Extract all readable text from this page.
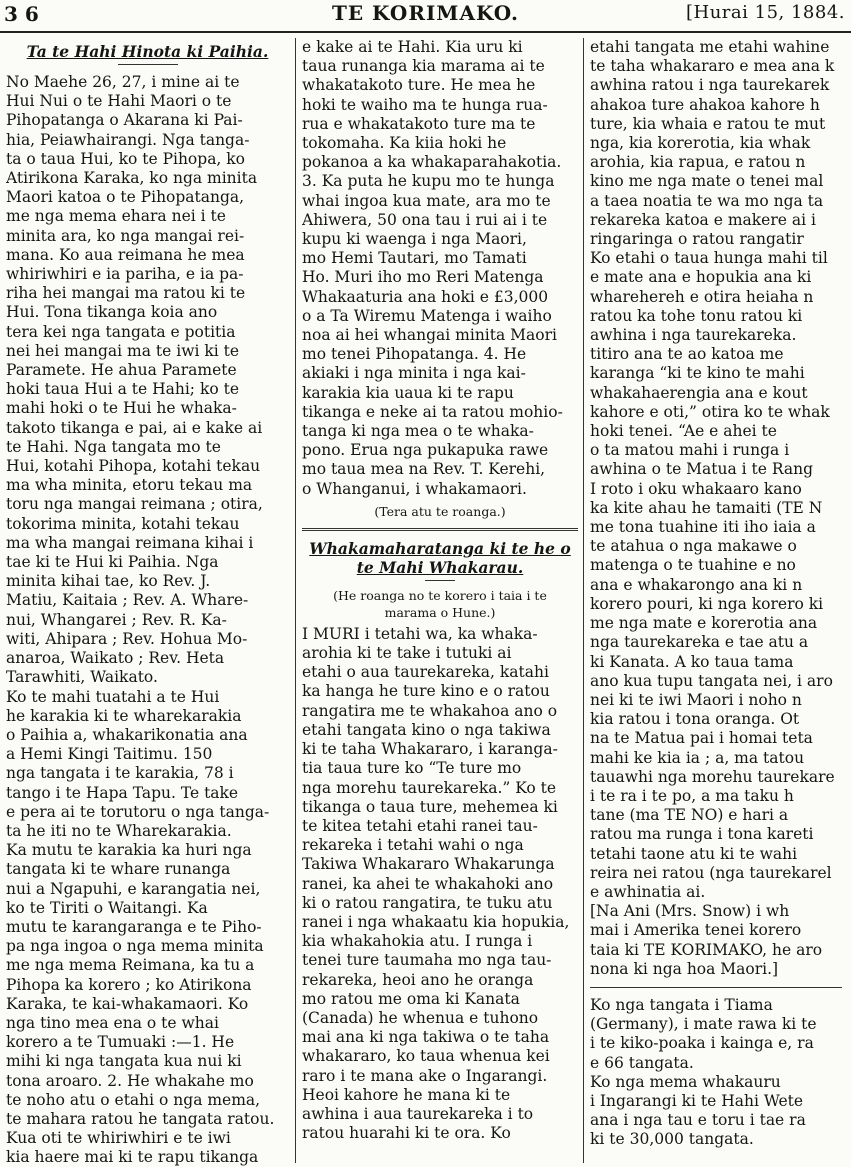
3 6	TE KORIMAKO.	[Hurai 15, 1884.
Ta te Hahi Hinota ki Paihia.

No Maehe 26, 27, i mine ai te

Hui Nui o te Hahi Maori o te

Pihopatanga o Akarana ki Pai-

hia, Peiawhairangi. Nga tanga-

ta o taua Hui, ko te Pihopa, ko

Atirikona Karaka, ko nga minita

Maori katoa o te Pihopatanga,

me nga mema ehara nei i te

minita ara, ko nga mangai rei-

mana. Ko aua reimana he mea

whiriwhiri e ia pariha, e ia pa-

riha hei mangai ma ratou ki te

Hui. Tona tikanga koia ano

tera kei nga tangata e potitia

nei hei mangai ma te iwi ki te

Paramete. He ahua Paramete

hoki taua Hui a te Hahi; ko te

mahi hoki o te Hui he whaka-

takoto tikanga e pai, ai e kake ai

te Hahi. Nga tangata mo te

Hui, kotahi Pihopa, kotahi tekau

ma wha minita, etoru tekau ma

toru nga mangai reimana ; otira,

tokorima minita, kotahi tekau

ma wha mangai reimana kihai i

tae ki te Hui ki Paihia. Nga

minita kihai tae, ko Rev. J.

Matiu, Kaitaia ; Rev. A. Whare-

nui, Whangarei ; Rev. R. Ka-

witi, Ahipara ; Rev. Hohua Mo-

anaroa, Waikato ; Rev. Heta

Tarawhiti, Waikato.

Ko te mahi tuatahi a te Hui

he karakia ki te wharekarakia

o Paihia a, whakarikonatia ana

a Hemi Kingi Taitimu. 150

nga tangata i te karakia, 78 i

tango i te Hapa Tapu. Te take

e pera ai te torutoru o nga tanga-

ta he iti no te Wharekarakia.

Ka mutu te karakia ka huri nga

tangata ki te whare runanga

nui a Ngapuhi, e karangatia nei,

ko te Tiriti o Waitangi. Ka

mutu te karangaranga e te Piho-

pa nga ingoa o nga mema minita

me nga mema Reimana, ka tu a

Pihopa ka korero ; ko Atirikona

Karaka, te kai-whakamaori. Ko

nga tino mea ena o te whai

korero a te Tumuaki :—1. He

mihi ki nga tangata kua nui ki

tona aroaro. 2. He whakahe mo

te noho atu o etahi o nga mema,

te mahara ratou he tangata ratou.

Kua oti te whiriwhiri e te iwi

kia haere mai ki te rapu tikanga

e kake ai te Hahi. Kia uru ki

taua runanga kia marama ai te

whakatakoto ture. He mea he

hoki te waiho ma te hunga rua-

rua e whakatakoto ture ma te

tokomaha. Ka kiia hoki he

pokanoa a ka whakaparahakotia.

3. Ka puta he kupu mo te hunga

whai ingoa kua mate, ara mo te

Ahiwera, 50 ona tau i rui ai i te

kupu ki waenga i nga Maori,

mo Hemi Tautari, mo Tamati

Ho. Muri iho mo Reri Matenga

Whakaaturia ana hoki e £3,000

o a Ta Wiremu Matenga i waiho

noa ai hei whangai minita Maori

mo tenei Pihopatanga. 4. He

akiaki i nga minita i nga kai-

karakia kia uaua ki te rapu

tikanga e neke ai ta ratou mohio-

tanga ki nga mea o te whaka-

pono. Erua nga pukapuka rawe

mo taua mea na Rev. T. Kerehi,

o Whanganui, i whakamaori.

(Tera atu te roanga.)
Whakamaharatanga ki te he o te Mahi Whakarau.
(He roanga no te korero i taia i te
marama o Hune.)

I MURI i tetahi wa, ka whaka-

arohia ki te take i tutuki ai

etahi o aua taurekareka, katahi

ka hanga he ture kino e o ratou

rangatira me te whakahoa ano o

etahi tangata kino o nga takiwa

ki te taha Whakararo, i karanga-

tia taua ture ko “Te ture mo

nga morehu taurekareka.” Ko te

tikanga o taua ture, mehemea ki

te kitea tetahi etahi ranei tau-

rekareka i tetahi wahi o nga

Takiwa Whakararo Whakarunga

ranei, ka ahei te whakahoki ano

ki o ratou rangatira, te tuku atu

ranei i nga whakaatu kia hopukia,

kia whakahokia atu. I runga i

tenei ture taumaha mo nga tau-

rekareka, heoi ano he oranga

mo ratou me oma ki Kanata

(Canada) he whenua e tuhono

mai ana ki nga takiwa o te taha

whakararo, ko taua whenua kei

raro i te mana ake o Ingarangi.

Heoi kahore he mana ki te

awhina i aua taurekareka i to

ratou huarahi ki te ora. Ko

etahi tangata me etahi wahine

te taha whakararo e mea ana k

awhina ratou i nga taurekarek

ahakoa ture ahakoa kahore h

ture, kia whaia e ratou te mut

nga, kia korerotia, kia whak

arohia, kia rapua, e ratou n

kino me nga mate o tenei mal

a taea noatia te wa mo nga ta

rekareka katoa e makere ai i

ringaringa o ratou rangatir

Ko etahi o taua hunga mahi til

e mate ana e hopukia ana ki

wharehereh e otira heiaha n

ratou ka tohe tonu ratou ki

awhina i nga taurekareka.

titiro ana te ao katoa me

karanga “ki te kino te mahi

whakahaerengia ana e kout

kahore e oti,” otira ko te whak

hoki tenei. “Ae e ahei te

o ta matou mahi i runga i

awhina o te Matua i te Rang

I roto i oku whakaaro kano

ka kite ahau he tamaiti (TE N

me tona tuahine iti iho iaia a

te atahua o nga makawe o

matenga o te tuahine e no

ana e whakarongo ana ki n

korero pouri, ki nga korero ki

me nga mate e korerotia ana

nga taurekareka e tae atu a

ki Kanata. A ko taua tama

ano kua tupu tangata nei, i aro

nei ki te iwi Maori i noho n

kia ratou i tona oranga. Ot

na te Matua pai i homai teta

mahi ke kia ia ; a, ma tatou

tauawhi nga morehu taurekare

i te ra i te po, a ma taku h

tane (ma TE NO) e hari a

ratou ma runga i tona kareti

tetahi taone atu ki te wahi

reira nei ratou (nga taurekarel

e awhinatia ai.

[Na Ani (Mrs. Snow) i wh

mai i Amerika tenei korero

taia ki TE KORIMAKO, he aro

nona ki nga hoa Maori.]

Ko nga tangata i Tiama

(Germany), i mate rawa ki te

i te kiko-poaka i kainga e, ra

e 66 tangata.

Ko nga mema whakauru

i Ingarangi ki te Hahi Wete

ana i nga tau e toru i tae ra

ki te 30,000 tangata.
